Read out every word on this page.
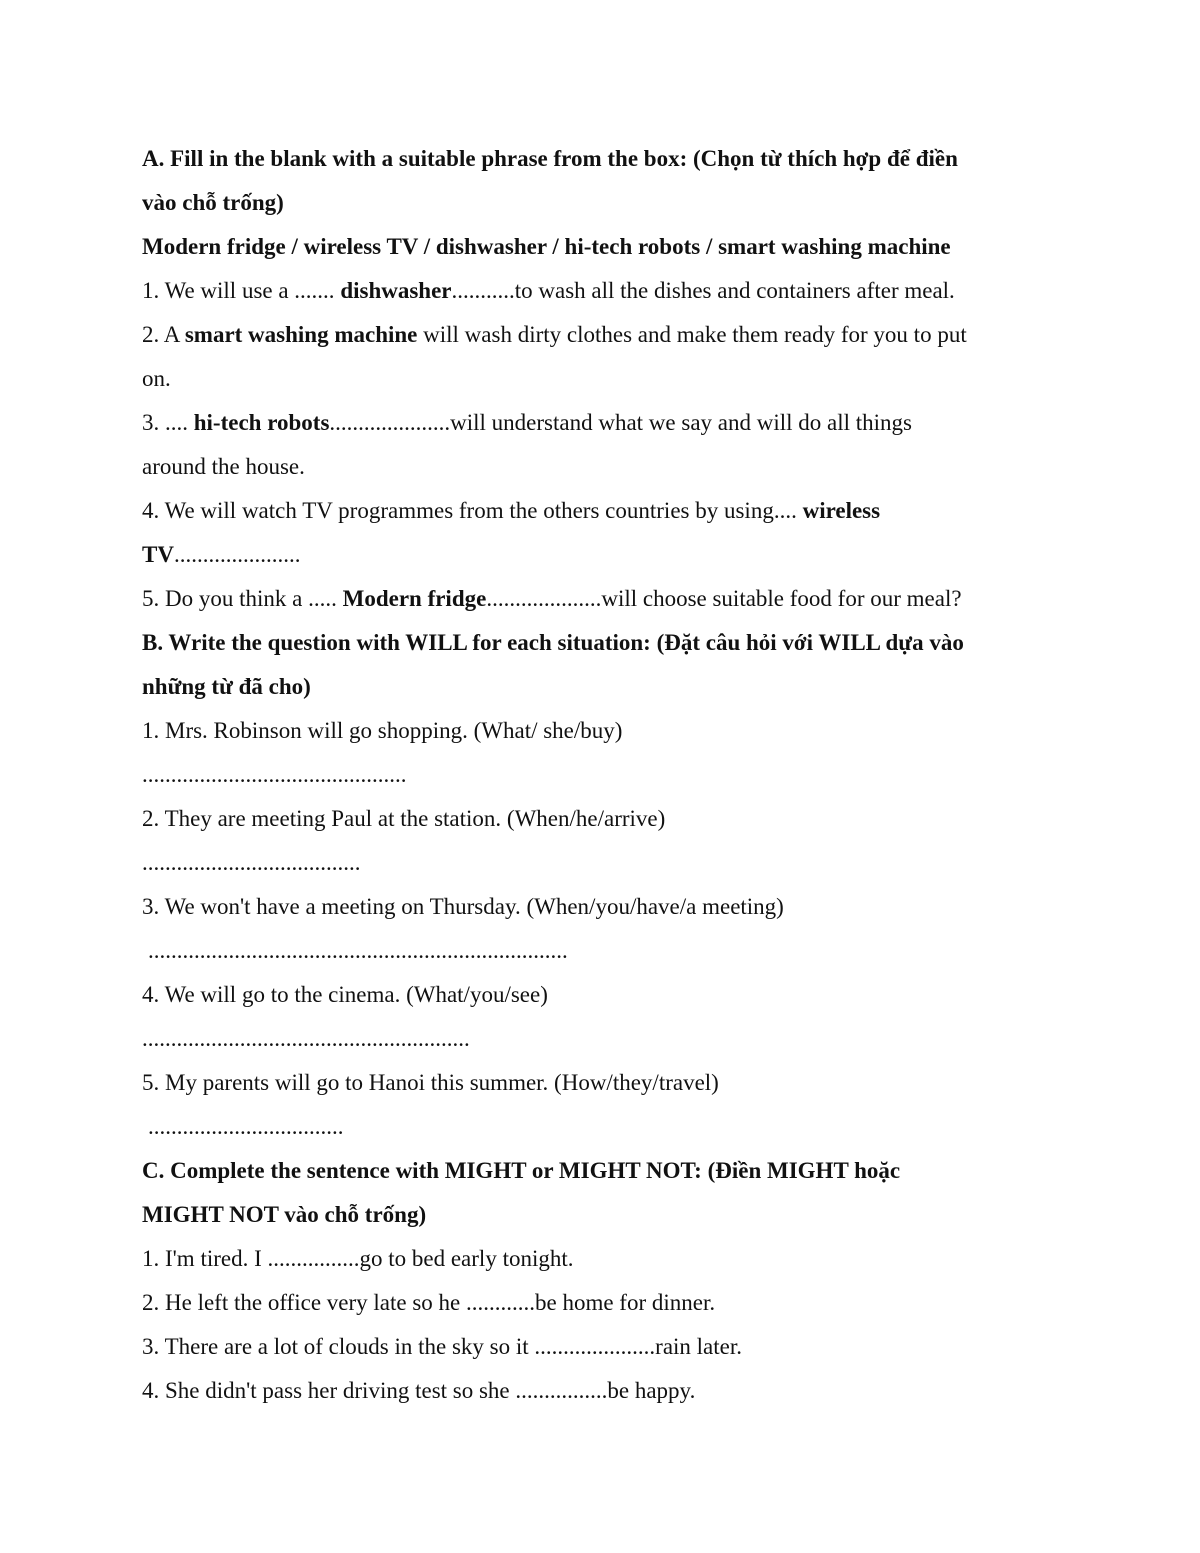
A. Fill in the blank with a suitable phrase from the box: (Chọn từ thích hợp để điền
vào chỗ trống)
Modern fridge / wireless TV / dishwasher / hi-tech robots / smart washing machine
1. We will use a ....... dishwasher...........to wash all the dishes and containers after meal.
2. A smart washing machine will wash dirty clothes and make them ready for you to put
on.
3. .... hi-tech robots.....................will understand what we say and will do all things
around the house.
4. We will watch TV programmes from the others countries by using.... wireless
TV......................
5. Do you think a ..... Modern fridge....................will choose suitable food for our meal?
B. Write the question with WILL for each situation: (Đặt câu hỏi với WILL dựa vào
những từ đã cho)
1. Mrs. Robinson will go shopping. (What/ she/buy)
..............................................
2. They are meeting Paul at the station. (When/he/arrive)
......................................
3. We won't have a meeting on Thursday. (When/you/have/a meeting)
.........................................................................
4. We will go to the cinema. (What/you/see)
.........................................................
5. My parents will go to Hanoi this summer. (How/they/travel)
..................................
C. Complete the sentence with MIGHT or MIGHT NOT: (Điền MIGHT hoặc
MIGHT NOT vào chỗ trống)
1. I'm tired. I ................go to bed early tonight.
2. He left the office very late so he ............be home for dinner.
3. There are a lot of clouds in the sky so it .....................rain later.
4. She didn't pass her driving test so she ................be happy.
